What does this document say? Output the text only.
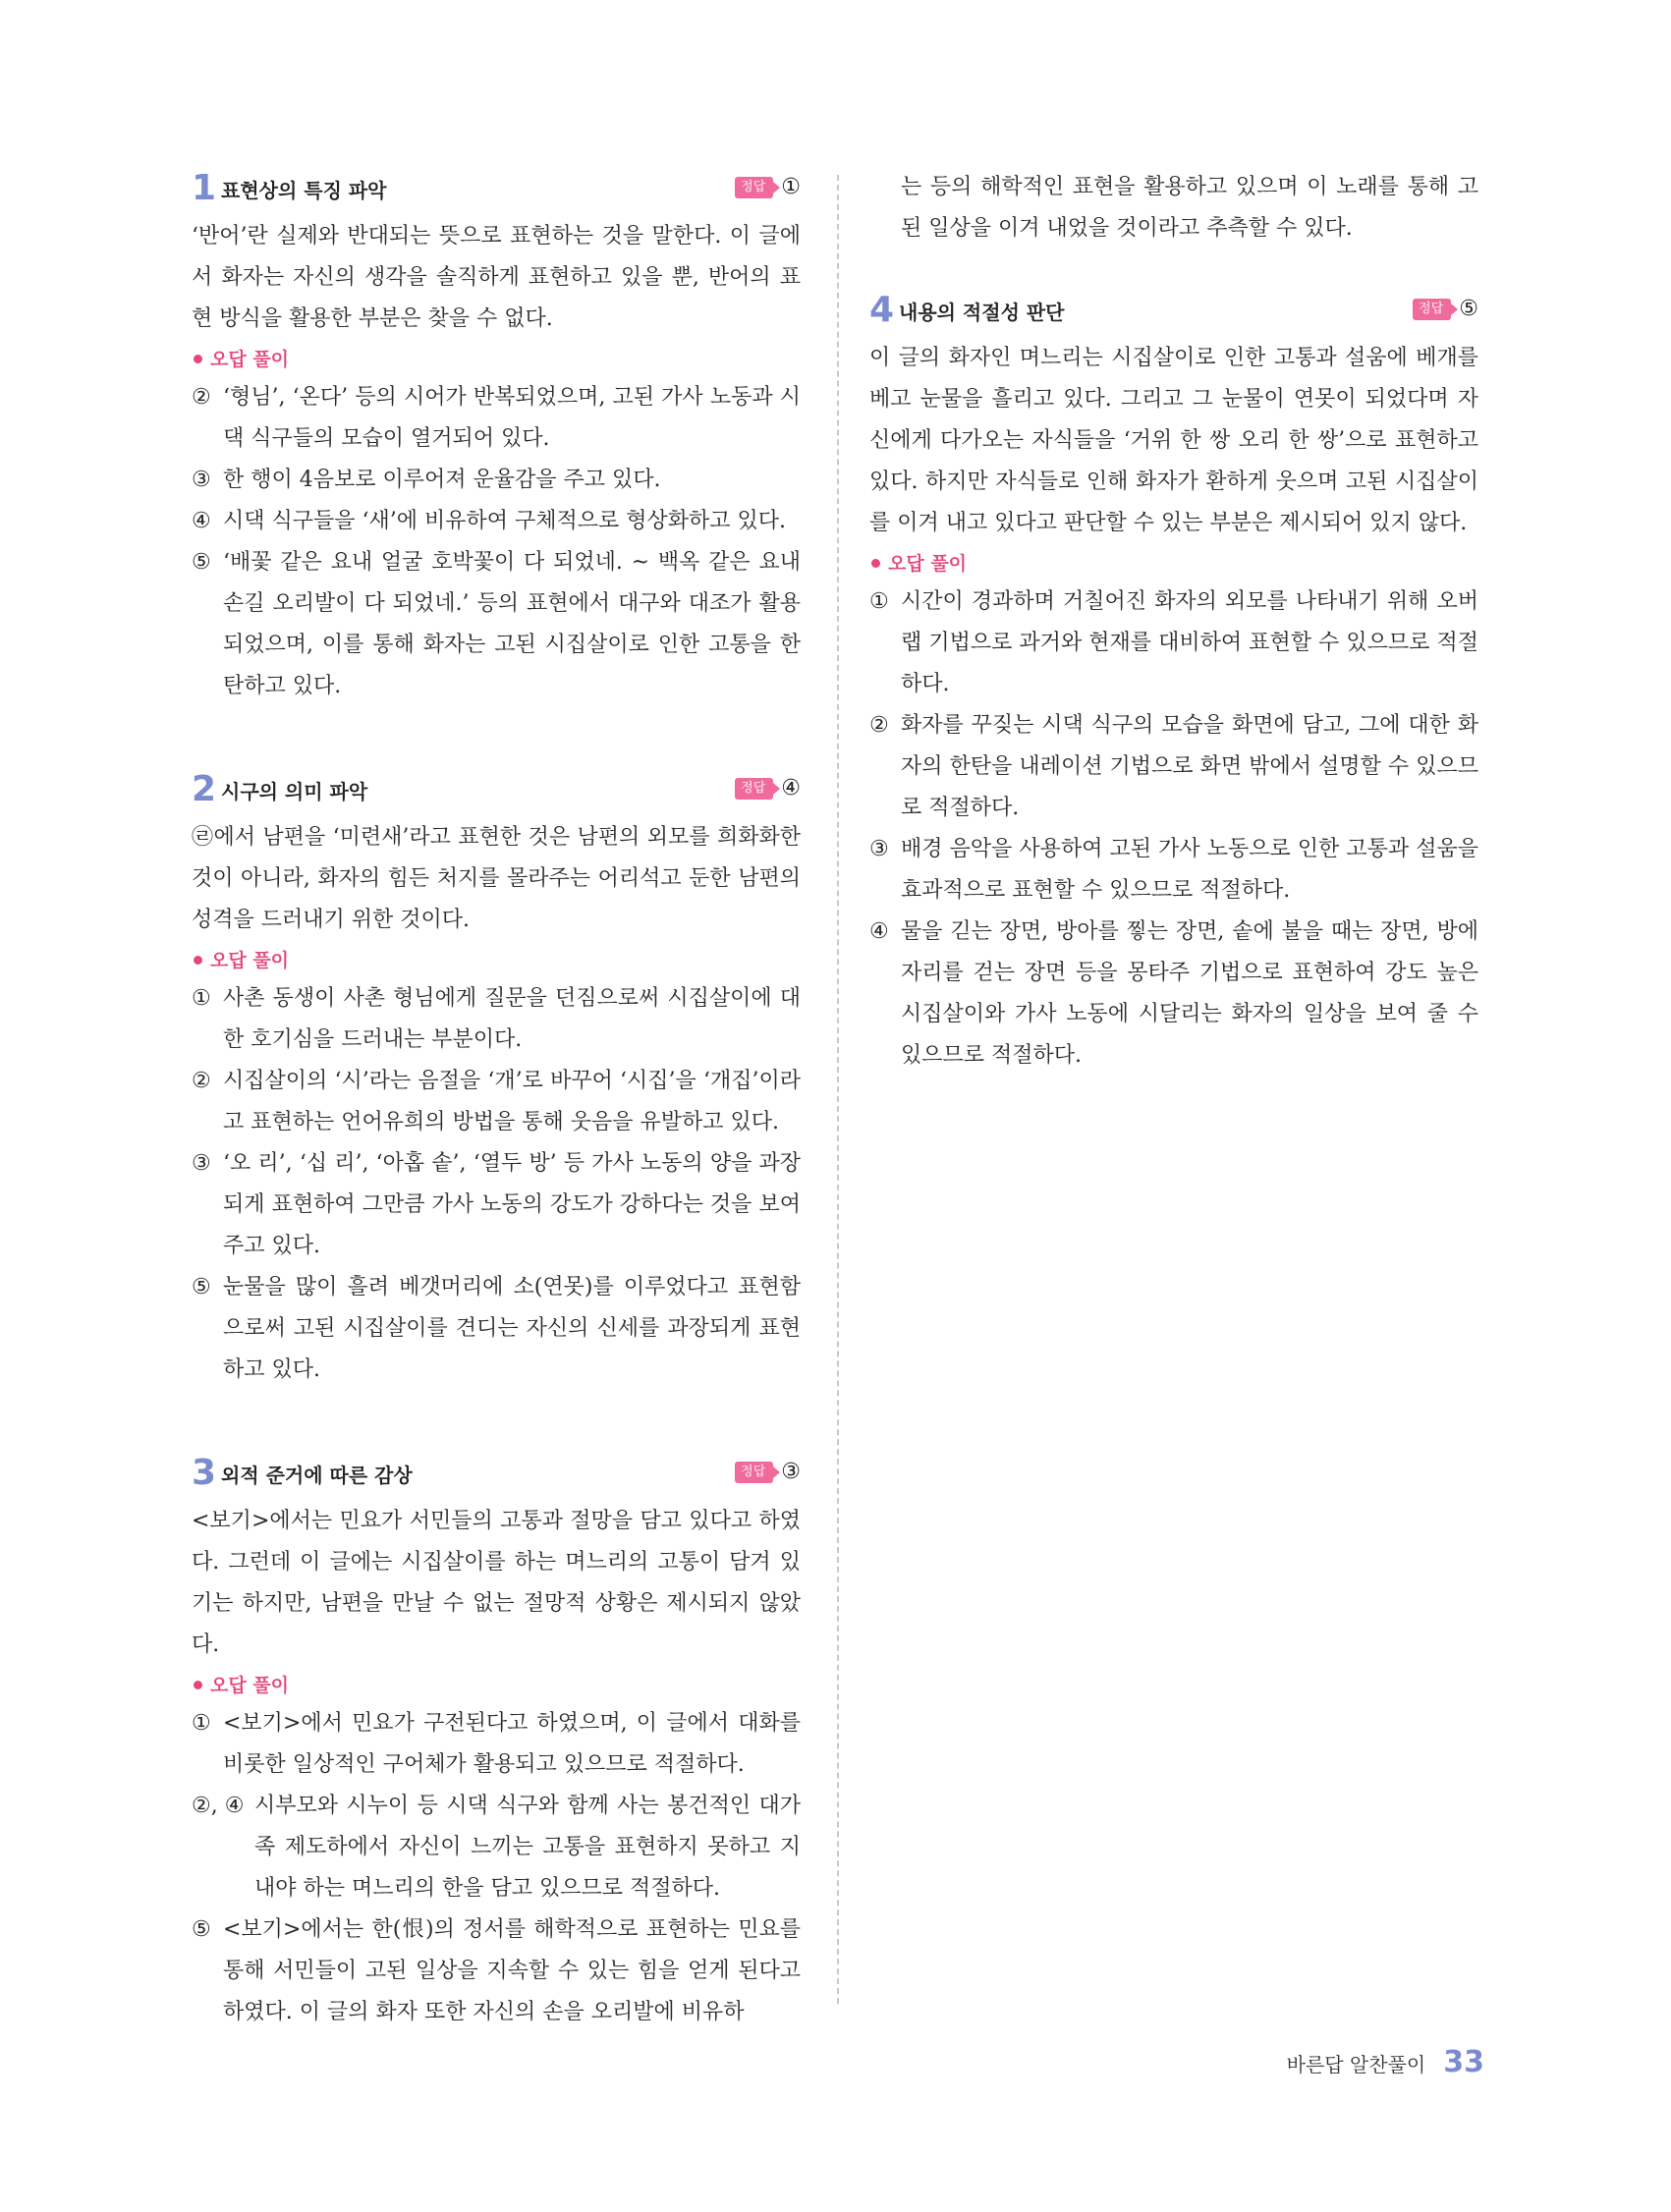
1 표현상의 특징 파악	정답 ①

‘반어’란 실제와 반대되는 뜻으로 표현하는 것을 말한다. 이 글에서 화자는 자신의 생각을 솔직하게 표현하고 있을 뿐, 반어의 표현 방식을 활용한 부분은 찾을 수 없다.

오답 풀이
② ‘형님’, ‘온다’ 등의 시어가 반복되었으며, 고된 가사 노동과 시댁 식구들의 모습이 열거되어 있다.
③ 한 행이 4음보로 이루어져 운율감을 주고 있다.
④ 시댁 식구들을 ‘새’에 비유하여 구체적으로 형상화하고 있다.
⑤ ‘배꽃 같은 요내 얼굴 호박꽃이 다 되었네. ~ 백옥 같은 요내 손길 오리발이 다 되었네.’ 등의 표현에서 대구와 대조가 활용되었으며, 이를 통해 화자는 고된 시집살이로 인한 고통을 한탄하고 있다.
2 시구의 의미 파악	정답 ④

㉣에서 남편을 ‘미련새’라고 표현한 것은 남편의 외모를 희화화한 것이 아니라, 화자의 힘든 처지를 몰라주는 어리석고 둔한 남편의 성격을 드러내기 위한 것이다.

오답 풀이
① 사촌 동생이 사촌 형님에게 질문을 던짐으로써 시집살이에 대한 호기심을 드러내는 부분이다.
② 시집살이의 ‘시’라는 음절을 ‘개’로 바꾸어 ‘시집’을 ‘개집’이라고 표현하는 언어유희의 방법을 통해 웃음을 유발하고 있다.
③ ‘오 리’, ‘십 리’, ‘아홉 솥’, ‘열두 방’ 등 가사 노동의 양을 과장되게 표현하여 그만큼 가사 노동의 강도가 강하다는 것을 보여 주고 있다.
⑤ 눈물을 많이 흘려 베갯머리에 소(연못)를 이루었다고 표현함으로써 고된 시집살이를 견디는 자신의 신세를 과장되게 표현하고 있다.
3 외적 준거에 따른 감상	정답 ③

<보기>에서는 민요가 서민들의 고통과 절망을 담고 있다고 하였다. 그런데 이 글에는 시집살이를 하는 며느리의 고통이 담겨 있기는 하지만, 남편을 만날 수 없는 절망적 상황은 제시되지 않았다.

오답 풀이
① <보기>에서 민요가 구전된다고 하였으며, 이 글에서 대화를 비롯한 일상적인 구어체가 활용되고 있으므로 적절하다.
②, ④ 시부모와 시누이 등 시댁 식구와 함께 사는 봉건적인 대가족 제도하에서 자신이 느끼는 고통을 표현하지 못하고 지내야 하는 며느리의 한을 담고 있으므로 적절하다.
⑤ <보기>에서는 한(恨)의 정서를 해학적으로 표현하는 민요를 통해 서민들이 고된 일상을 지속할 수 있는 힘을 얻게 된다고 하였다. 이 글의 화자 또한 자신의 손을 오리발에 비유하
는 등의 해학적인 표현을 활용하고 있으며 이 노래를 통해 고된 일상을 이겨 내었을 것이라고 추측할 수 있다.
4 내용의 적절성 판단	정답 ⑤

이 글의 화자인 며느리는 시집살이로 인한 고통과 설움에 베개를 베고 눈물을 흘리고 있다. 그리고 그 눈물이 연못이 되었다며 자신에게 다가오는 자식들을 ‘거위 한 쌍 오리 한 쌍’으로 표현하고 있다. 하지만 자식들로 인해 화자가 환하게 웃으며 고된 시집살이를 이겨 내고 있다고 판단할 수 있는 부분은 제시되어 있지 않다.

오답 풀이
① 시간이 경과하며 거칠어진 화자의 외모를 나타내기 위해 오버랩 기법으로 과거와 현재를 대비하여 표현할 수 있으므로 적절하다.
② 화자를 꾸짖는 시댁 식구의 모습을 화면에 담고, 그에 대한 화자의 한탄을 내레이션 기법으로 화면 밖에서 설명할 수 있으므로 적절하다.
③ 배경 음악을 사용하여 고된 가사 노동으로 인한 고통과 설움을 효과적으로 표현할 수 있으므로 적절하다.
④ 물을 긷는 장면, 방아를 찧는 장면, 솥에 불을 때는 장면, 방에 자리를 걷는 장면 등을 몽타주 기법으로 표현하여 강도 높은 시집살이와 가사 노동에 시달리는 화자의 일상을 보여 줄 수 있으므로 적절하다.
바른답 알찬풀이 33
